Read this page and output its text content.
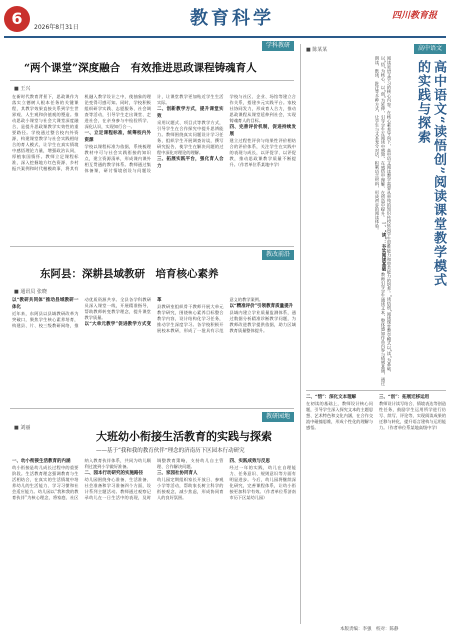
6	2026年8月31日	教育科学	四川教育报
学科教研
“两个课堂”深度融合　有效推进思政课程铸魂育人
■ 王兴
在新时代教育背景下，思政课作为落实立德树人根本任务的关键课程，其教学效果直接关系到学生世界观、人生观和价值观的塑造。推动思政小课堂与社会大课堂深度融合，是提升思政课教学实效性的重要路径。学校通过整合校内外资源，构建课堂教学与社会实践相结合的育人模式，让学生在真实情境中感悟理论力量，增强政治认同，厚植家国情怀。教师立足课程标准，深入挖掘地方红色资源、乡村振兴案例和时代楷模故事，将其有机融入教学设计之中，使抽象的理论变得可感可知。同时，学校积极组织研学实践、志愿服务、社会调查等活动，引导学生走出课堂、走进社会，在亲身参与中检验所学、深化认识，实现知行合一。
一、立足课程标准，统筹校内外资源
学校以课程标准为依据，系统梳理教材中可与社会实践衔接的知识点，建立资源清单，形成课内课外相互贯通的教学体系。教师通过集体备课，研讨情境创设与问题设计，让课堂教学更加贴近学生生活实际。
二、创新教学方式，提升课堂实效
采用议题式、项目式等教学方式，引导学生在合作探究中提升思辨能力。教师围绕真实问题设计学习任务，组织学生开展调查访谈，撰写研究报告，使学生在解决问题的过程中深化对理论的理解。
三、拓展实践平台，强化育人合力
学校与社区、企业、场馆等建立合作关系，搭建多元实践平台。家校社协同发力，形成育人合力，推动思政课程从课堂延伸到社会，实现铸魂育人的目标。
四、完善评价机制，促进持续发展
建立过程性评价与结果性评价相结合的评价体系，关注学生在实践中的表现与成长，以评促学、以评促教，推动思政课教学质量不断提升。（作者单位系某地中学）
教改前沿
东阿县：深耕县域教研　培育核心素养
■ 通讯员 张晓
以“教研共同体”推动县域教研一体化
近年来，东阿县以县域教研改革为突破口，聚焦学生核心素养培育，构建县、片、校三级教研网络，推动优质资源共享。全县各学科教研员深入课堂一线，开展精准指导，帮助教师转变教学理念，提升课堂教学质量。
以“大单元教学”促进教学方式变革
县教研室组织骨干教师开展大单元教学研究，围绕核心素养目标整合教学内容，设计结构化学习任务，推动学生深度学习。各学校积极开展校本教研，形成了一批具有示范意义的教学案例。
以“精准评价”引领教育质量提升
县域内建立学业质量监测体系，通过数据分析精准诊断教学问题，为教师改进教学提供依据，助力区域教育质量整体提升。
教研园地
大班幼小衔接生活教育的实践与探索
——基于“我和我的教育伙伴”理念的济南历下区园本行动研究
■ 刘丽
一、幼小衔接生活教育的内涵
幼小衔接是幼儿成长过程中的重要阶段。生活教育理念强调教育与生活相结合，在真实的生活情境中培养幼儿的生活能力、学习习惯和社会适应能力。幼儿园以“我和我的教育伙伴”为核心理念，将家庭、社区纳入教育伙伴体系，共同为幼儿顺利过渡到小学做好准备。
二、园本行动研究的实施路径
幼儿园围绕身心准备、生活准备、社会准备和学习准备四个方面，设计系列主题活动。教师通过观察记录幼儿在一日生活中的表现，及时调整教育策略，支持幼儿自主管理、合作解决问题。
三、家园社协同育人
幼儿园定期组织家长开放日、参观小学等活动，帮助家长树立科学的衔接观念，减少焦虑，形成协同育人的良好氛围。
四、实践成效与反思
经过一年的实践，幼儿在自理能力、任务意识、规则意识等方面有明显进步。今后，幼儿园将继续深化研究，完善课程体系，让幼小衔接更加科学有效。（作者单位系济南市历下区某幼儿园）
高中语文
■ 陈某某
高中语文“读悟创”阅读课堂教学模式的实践与探索
阅读是语文学习的核心内容。在核心素养导向下，高中语文阅读教学需要从单纯的知识传授转向学生思维能力和审美能力的培养。“读悟创”阅读课堂教学模式以“读”为基础、以“悟”为核心、以“创”为延伸，引导学生在阅读中感知、在感悟中理解、在创造中提升。 一、“读”：夯实阅读基础 教师引导学生通读文本，整体感知作品内容与情感基调，通过朗读、默读、批注等多种方式，让学生与文本充分对话，积累语言材料，形成初步的阅读体验。
二、“悟”：深化文本理解
在初读的基础上，教师设计核心问题，引导学生深入探究文本的主题思想、艺术特色和文化内涵，在合作交流中碰撞思维，形成个性化的理解与感悟。
三、“创”：拓展迁移运用
教师设计读写结合、情境表达等创造性任务，鼓励学生运用所学进行仿写、续写、评论等，实现阅读成果的迁移与转化，提升语言建构与运用能力。（作者单位系某地高级中学）
本版责编：李强　校对：陈静
